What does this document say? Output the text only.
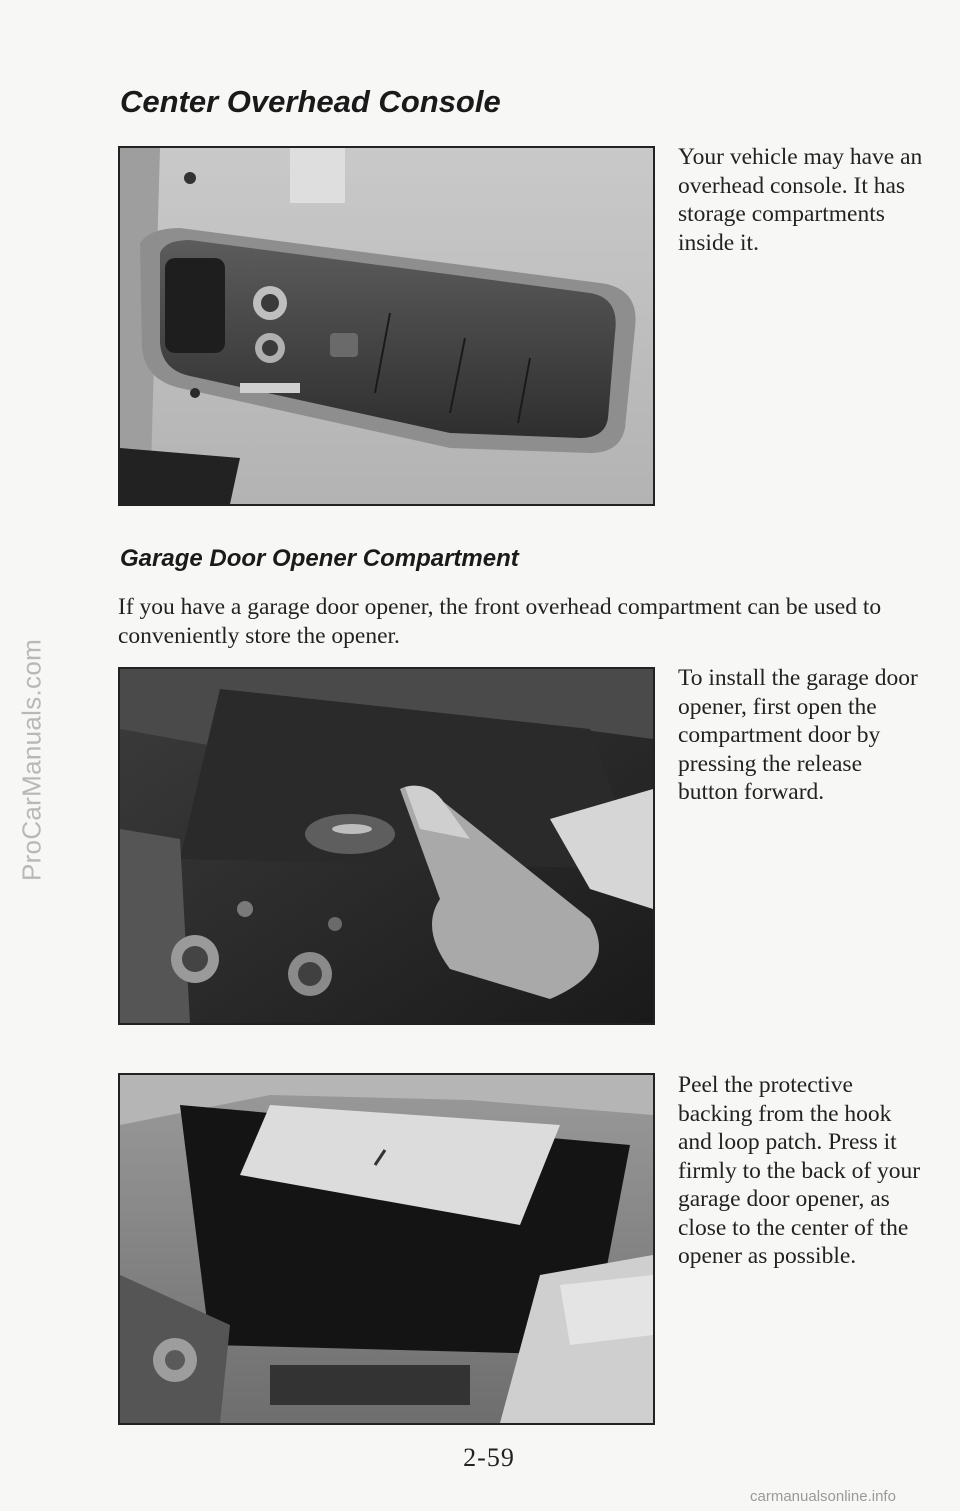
ProCarManuals.com
Center Overhead Console

Your vehicle may have an overhead console. It has storage compartments inside it.

Garage Door Opener Compartment

If you have a garage door opener, the front overhead compartment can be used to conveniently store the opener.

To install the garage door opener, first open the compartment door by pressing the release button forward.

Peel the protective backing from the hook and loop patch. Press it firmly to the back of your garage door opener, as close to the center of the opener as possible.

2-59
carmanualsonline.info
